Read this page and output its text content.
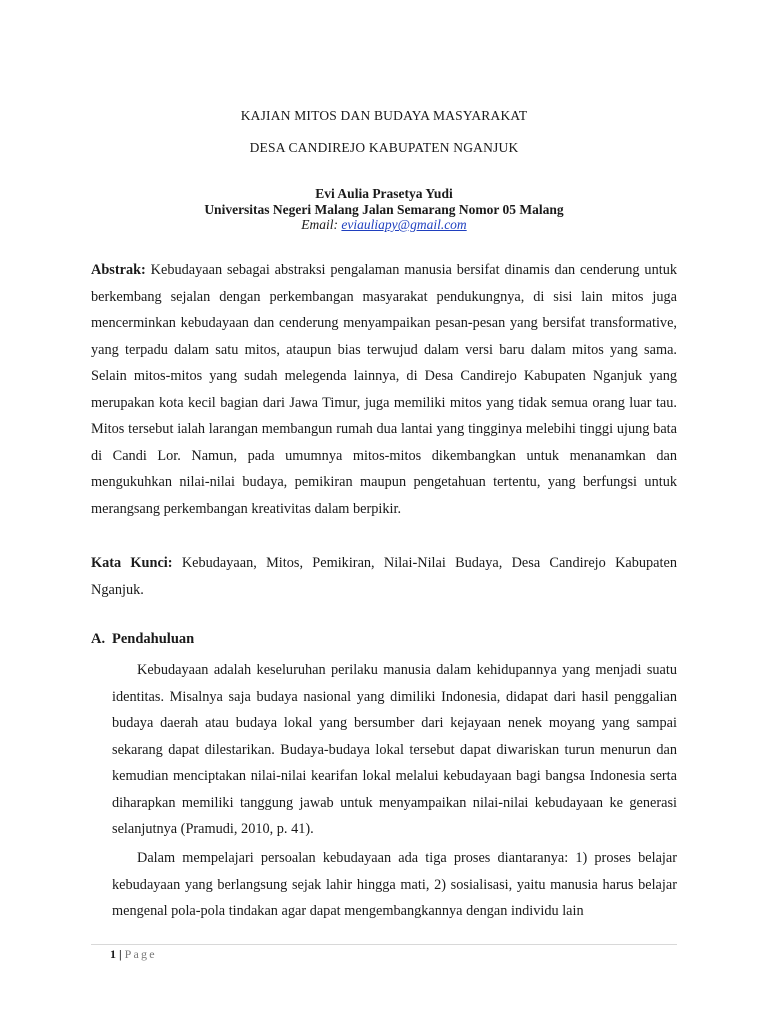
KAJIAN MITOS DAN BUDAYA MASYARAKAT
DESA CANDIREJO KABUPATEN NGANJUK
Evi Aulia Prasetya Yudi
Universitas Negeri Malang Jalan Semarang Nomor 05 Malang
Email: eviauliapy@gmail.com
Abstrak: Kebudayaan sebagai abstraksi pengalaman manusia bersifat dinamis dan cenderung untuk berkembang sejalan dengan perkembangan masyarakat pendukungnya, di sisi lain mitos juga mencerminkan kebudayaan dan cenderung menyampaikan pesan-pesan yang bersifat transformative, yang terpadu dalam satu mitos, ataupun bias terwujud dalam versi baru dalam mitos yang sama. Selain mitos-mitos yang sudah melegenda lainnya, di Desa Candirejo Kabupaten Nganjuk yang merupakan kota kecil bagian dari Jawa Timur, juga memiliki mitos yang tidak semua orang luar tau. Mitos tersebut ialah larangan membangun rumah dua lantai yang tingginya melebihi tinggi ujung bata di Candi Lor. Namun, pada umumnya mitos-mitos dikembangkan untuk menanamkan dan mengukuhkan nilai-nilai budaya, pemikiran maupun pengetahuan tertentu, yang berfungsi untuk merangsang perkembangan kreativitas dalam berpikir.
Kata Kunci: Kebudayaan, Mitos, Pemikiran, Nilai-Nilai Budaya, Desa Candirejo Kabupaten Nganjuk.
A. Pendahuluan

Kebudayaan adalah keseluruhan perilaku manusia dalam kehidupannya yang menjadi suatu identitas. Misalnya saja budaya nasional yang dimiliki Indonesia, didapat dari hasil penggalian budaya daerah atau budaya lokal yang bersumber dari kejayaan nenek moyang yang sampai sekarang dapat dilestarikan. Budaya-budaya lokal tersebut dapat diwariskan turun menurun dan kemudian menciptakan nilai-nilai kearifan lokal melalui kebudayaan bagi bangsa Indonesia serta diharapkan memiliki tanggung jawab untuk menyampaikan nilai-nilai kebudayaan ke generasi selanjutnya (Pramudi, 2010, p. 41).

Dalam mempelajari persoalan kebudayaan ada tiga proses diantaranya: 1) proses belajar kebudayaan yang berlangsung sejak lahir hingga mati, 2) sosialisasi, yaitu manusia harus belajar mengenal pola-pola tindakan agar dapat mengembangkannya dengan individu lain

1 | Page
